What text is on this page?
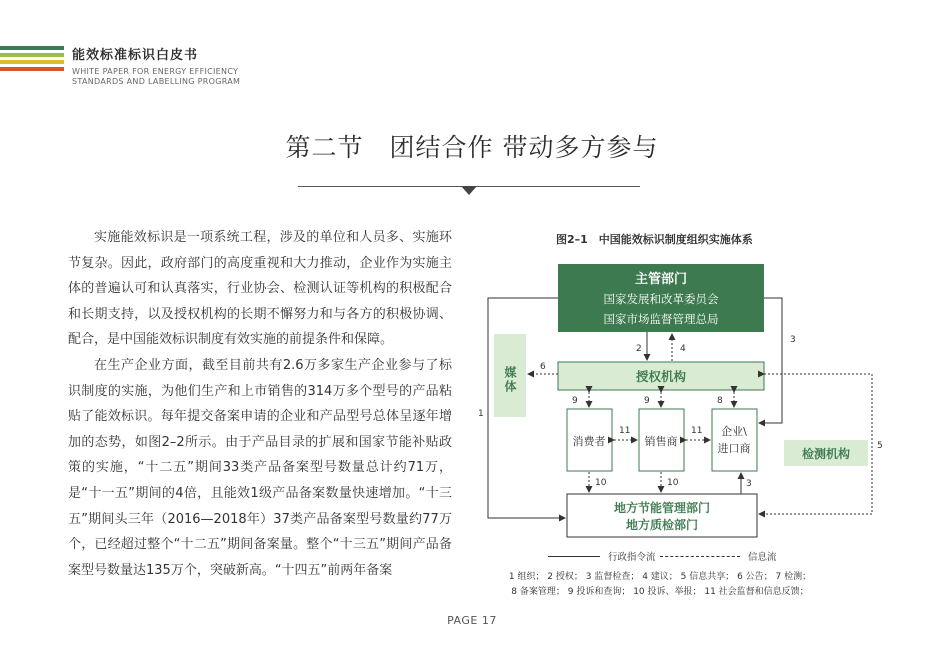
能效标准标识白皮书
WHITE PAPER FOR ENERGY EFFICIENCY
STANDARDS AND LABELLING PROGRAM
第二节　团结合作 带动多方参与

实施能效标识是一项系统工程，涉及的单位和人员多、实施环节复杂。因此，政府部门的高度重视和大力推动，企业作为实施主体的普遍认可和认真落实，行业协会、检测认证等机构的积极配合和长期支持，以及授权机构的长期不懈努力和与各方的积极协调、配合，是中国能效标识制度有效实施的前提条件和保障。

在生产企业方面，截至目前共有2.6万多家生产企业参与了标识制度的实施，为他们生产和上市销售的314万多个型号的产品粘贴了能效标识。每年提交备案申请的企业和产品型号总体呈逐年增加的态势，如图2–2所示。由于产品目录的扩展和国家节能补贴政策的实施，“十二五”期间33类产品备案型号数量总计约71万，是“十一五”期间的4倍，且能效1级产品备案数量快速增加。“十三五”期间头三年（2016—2018年）37类产品备案型号数量约77万个，已经超过整个“十二五”期间备案量。整个“十三五”期间产品备案型号数量达135万个，突破新高。“十四五”前两年备案

图2–1　中国能效标识制度组织实施体系
主管部门
国家发展和改革委员会
国家市场监督管理总局
媒体	授权机构
消费者	销售商
企业\
进口商	检测机构
地方节能管理部门
地方质检部门
2	4
3
1
6
9	9	8
11	11
10	10	3
5
行政指令流	信息流
1 组织； 2 授权； 3 监督检查； 4 建议； 5 信息共享； 6 公告； 7 检测；
8 备案管理； 9 投诉和查询； 10 投诉、举报； 11 社会监督和信息反馈；
PAGE 17
